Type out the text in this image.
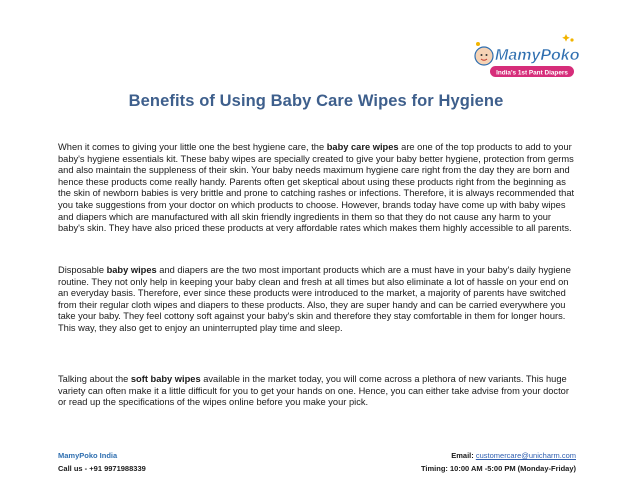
MamyPoko
India's 1st Pant Diapers
Benefits of Using Baby Care Wipes for Hygiene

When it comes to giving your little one the best hygiene care, the baby care wipes are one of the top products to add to your baby's hygiene essentials kit. These baby wipes are specially created to give your baby better hygiene, protection from germs and also maintain the suppleness of their skin. Your baby needs maximum hygiene care right from the day they are born and hence these products come really handy. Parents often get skeptical about using these products right from the beginning as the skin of newborn babies is very brittle and prone to catching rashes or infections. Therefore, it is always recommended that you take suggestions from your doctor on which products to choose. However, brands today have come up with baby wipes and diapers which are manufactured with all skin friendly ingredients in them so that they do not cause any harm to your baby's skin. They have also priced these products at very affordable rates which makes them highly accessible to all parents.

Disposable baby wipes and diapers are the two most important products which are a must have in your baby's daily hygiene routine. They not only help in keeping your baby clean and fresh at all times but also eliminate a lot of hassle on your end on an everyday basis. Therefore, ever since these products were introduced to the market, a majority of parents have switched from their regular cloth wipes and diapers to these products. Also, they are super handy and can be carried everywhere you take your baby. They feel cottony soft against your baby's skin and therefore they stay comfortable in them for longer hours. This way, they also get to enjoy an uninterrupted play time and sleep.

Talking about the soft baby wipes available in the market today, you will come across a plethora of new variants. This huge variety can often make it a little difficult for you to get your hands on one. Hence, you can either take advise from your doctor or read up the specifications of the wipes online before you make your pick.

MamyPoko India
Call us - +91 9971988339
Email: customercare@unicharm.com
Timing: 10:00 AM -5:00 PM (Monday-Friday)
